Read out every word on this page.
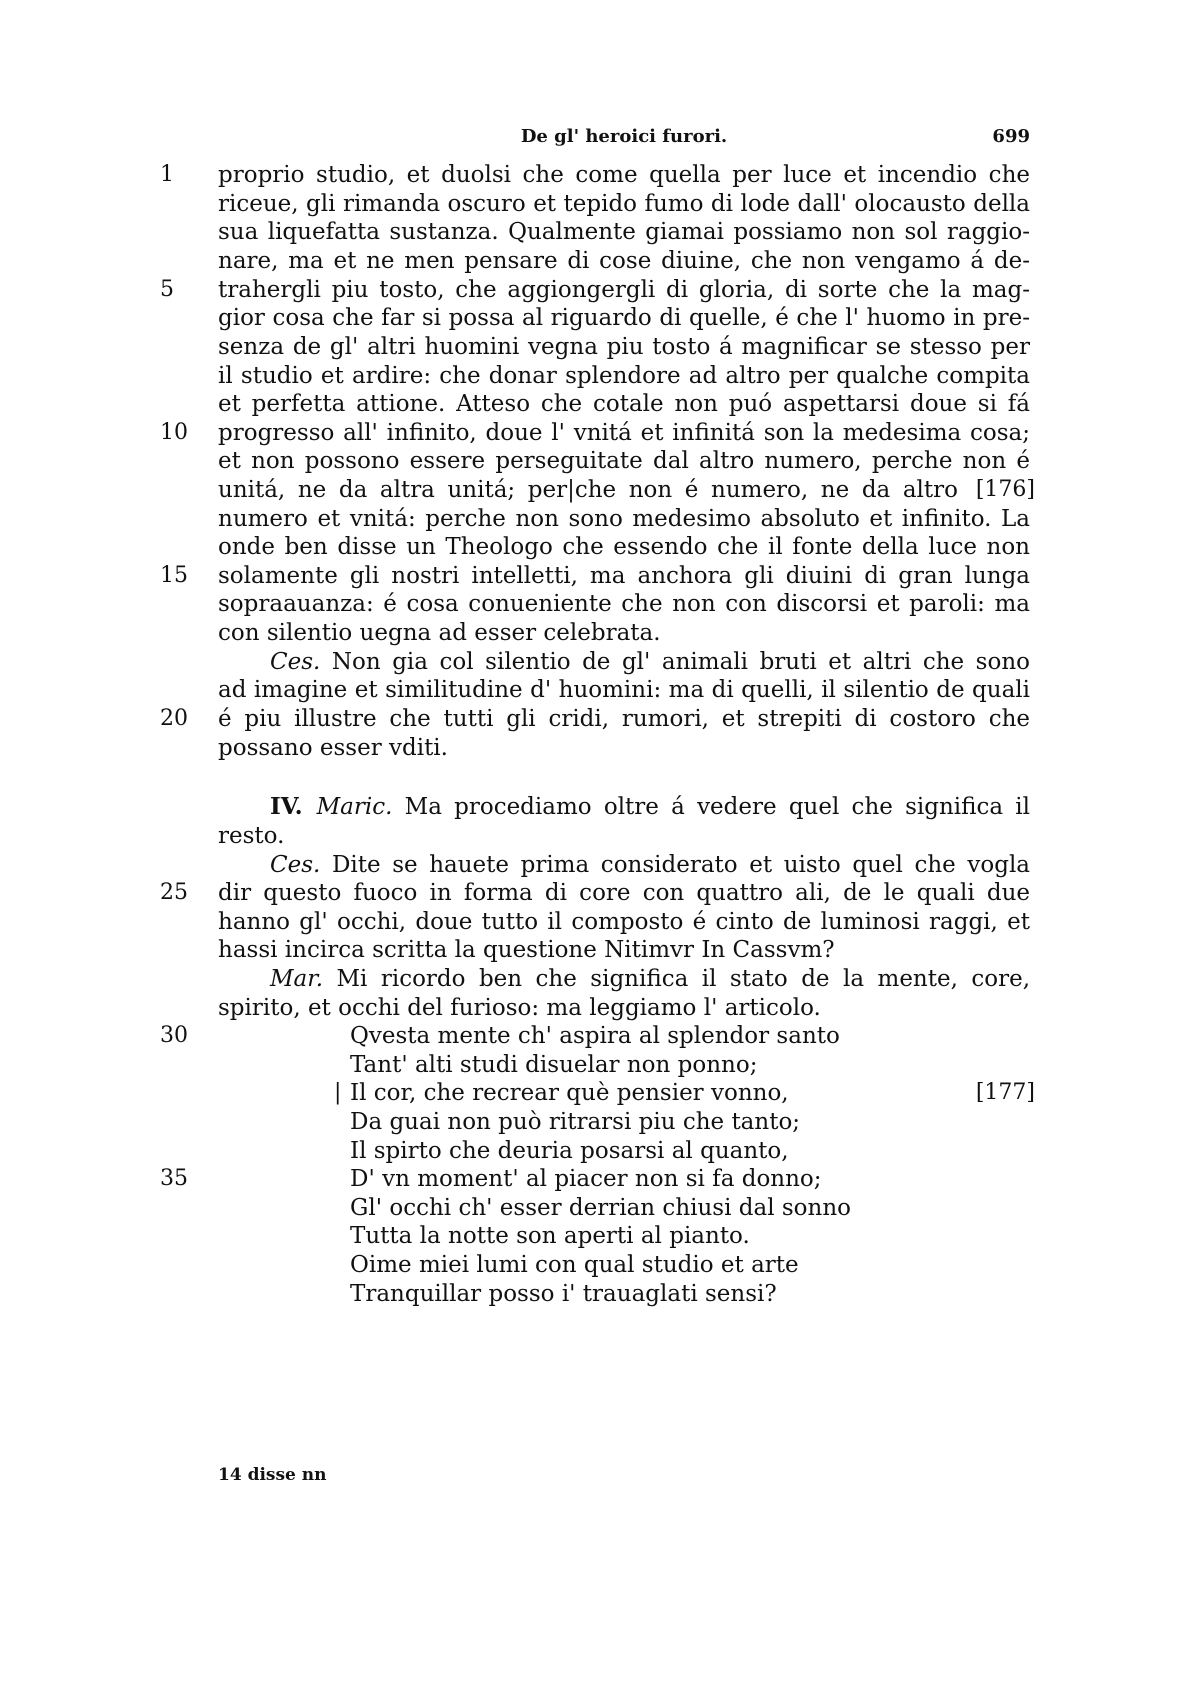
De gl' heroici furori.	699
1
5
10
15
20
25
30
35
proprio studio, et duolsi che come quella per luce et incendio che
riceue, gli rimanda oscuro et tepido fumo di lode dall' olocausto della
sua liquefatta sustanza. Qualmente giamai possiamo non sol raggio-
nare, ma et ne men pensare di cose diuine, che non vengamo á de-
trahergli piu tosto, che aggiongergli di gloria, di sorte che la mag-
gior cosa che far si possa al riguardo di quelle, é che l' huomo in pre-
senza de gl' altri huomini vegna piu tosto á magnificar se stesso per
il studio et ardire: che donar splendore ad altro per qualche compita
et perfetta attione. Atteso che cotale non puó aspettarsi doue si fá
progresso all' infinito, doue l' vnitá et infinitá son la medesima cosa;
et non possono essere perseguitate dal altro numero, perche non é
unitá, ne da altra unitá; per|che non é numero, ne da altro [176]
numero et vnitá: perche non sono medesimo absoluto et infinito. La
onde ben disse un Theologo che essendo che il fonte della luce non
solamente gli nostri intelletti, ma anchora gli diuini di gran lunga
sopraauanza: é cosa conueniente che non con discorsi et paroli: ma
con silentio uegna ad esser celebrata.
Ces. Non gia col silentio de gl' animali bruti et altri che sono
ad imagine et similitudine d' huomini: ma di quelli, il silentio de quali
é piu illustre che tutti gli cridi, rumori, et strepiti di costoro che
possano esser vditi.
IV. Maric. Ma procediamo oltre á vedere quel che significa il
resto.
Ces. Dite se hauete prima considerato et uisto quel che vogla
dir questo fuoco in forma di core con quattro ali, de le quali due
hanno gl' occhi, doue tutto il composto é cinto de luminosi raggi, et
hassi incirca scritta la questione Nitimvr In Cassvm?
Mar. Mi ricordo ben che significa il stato de la mente, core,
spirito, et occhi del furioso: ma leggiamo l' articolo.
Qvesta mente ch' aspira al splendor santo
Tant' alti studi disuelar non ponno;
| Il cor, che recrear què pensier vonno,	[177]
Da guai non può ritrarsi piu che tanto;
Il spirto che deuria posarsi al quanto,
D' vn moment' al piacer non si fa donno;
Gl' occhi ch' esser derrian chiusi dal sonno
Tutta la notte son aperti al pianto.
Oime miei lumi con qual studio et arte
Tranquillar posso i' trauaglati sensi?
14 disse nn
